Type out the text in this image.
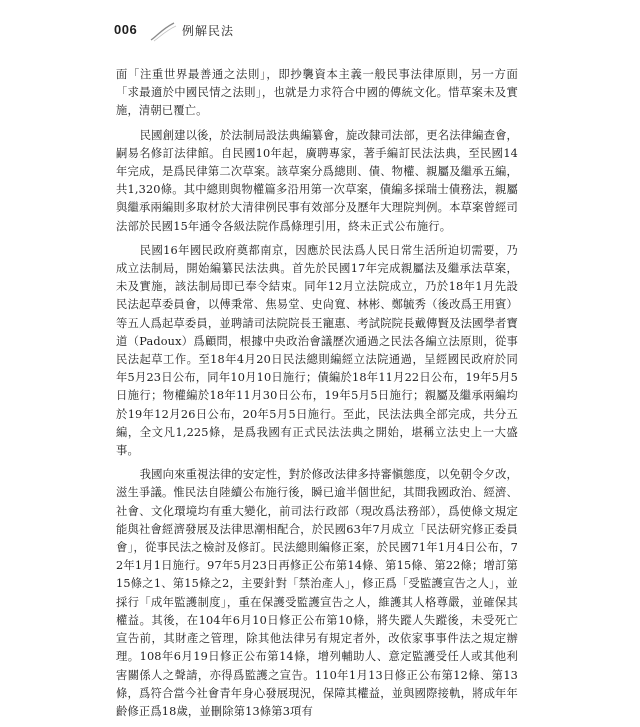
006	例解民法

面「注重世界最善通之法則」，即抄襲資本主義一般民事法律原則，另一方面「求最適於中國民情之法則」，也就是力求符合中國的傳統文化。惜草案未及實施，清朝已覆亡。

民國創建以後，於法制局設法典編纂會，旋改隸司法部，更名法律編查會，嗣易名修訂法律館。自民國10年起，廣聘專家，著手編訂民法法典，至民國14年完成，是爲民律第二次草案。該草案分爲總則、債、物權、親屬及繼承五編，共1,320條。其中總則與物權篇多沿用第一次草案，債編多採瑞士債務法，親屬與繼承兩編則多取材於大清律例民事有效部分及歷年大理院判例。本草案曾經司法部於民國15年通令各級法院作爲條理引用，終未正式公布施行。

民國16年國民政府奠都南京，因應於民法爲人民日常生活所迫切需要，乃成立法制局，開始編纂民法法典。首先於民國17年完成親屬法及繼承法草案，未及實施，該法制局即已奉令結束。同年12月立法院成立，乃於18年1月先設民法起草委員會，以傅秉常、焦易堂、史尙寬、林彬、鄭毓秀（後改爲王用賓）等五人爲起草委員，並聘請司法院院長王寵惠、考試院院長戴傳賢及法國學者寶道（Padoux）爲顧問，根據中央政治會議歷次通過之民法各編立法原則，從事民法起草工作。至18年4月20日民法總則編經立法院通過，呈經國民政府於同年5月23日公布，同年10月10日施行；債編於18年11月22日公布，19年5月5日施行；物權編於18年11月30日公布，19年5月5日施行；親屬及繼承兩編均於19年12月26日公布，20年5月5日施行。至此，民法法典全部完成，共分五編，全文凡1,225條，是爲我國有正式民法法典之開始，堪稱立法史上一大盛事。

我國向來重視法律的安定性，對於修改法律多持審愼態度，以免朝令夕改，滋生爭議。惟民法自陸續公布施行後，瞬已逾半個世紀，其間我國政治、經濟、社會、文化環境均有重大變化，前司法行政部（現改爲法務部），爲使條文規定能與社會經濟發展及法律思潮相配合，於民國63年7月成立「民法研究修正委員會」，從事民法之檢討及修訂。民法總則編修正案，於民國71年1月4日公布，72年1月1日施行。97年5月23日再修正公布第14條、第15條、第22條；增訂第15條之1、第15條之2，主要針對「禁治產人」，修正爲「受監護宣告之人」，並採行「成年監護制度」，重在保護受監護宣告之人，維護其人格尊嚴，並確保其權益。其後，在104年6月10日修正公布第10條，將失蹤人失蹤後，未受死亡宣告前，其財產之管理，除其他法律另有規定者外，改依家事事件法之規定辦理。108年6月19日修正公布第14條，增列輔助人、意定監護受任人或其他利害關係人之聲請，亦得爲監護之宣告。110年1月13日修正公布第12條、第13條，爲符合當今社會青年身心發展現況，保障其權益，並與國際接軌，將成年年齡修正爲18歲，並刪除第13條第3項有
